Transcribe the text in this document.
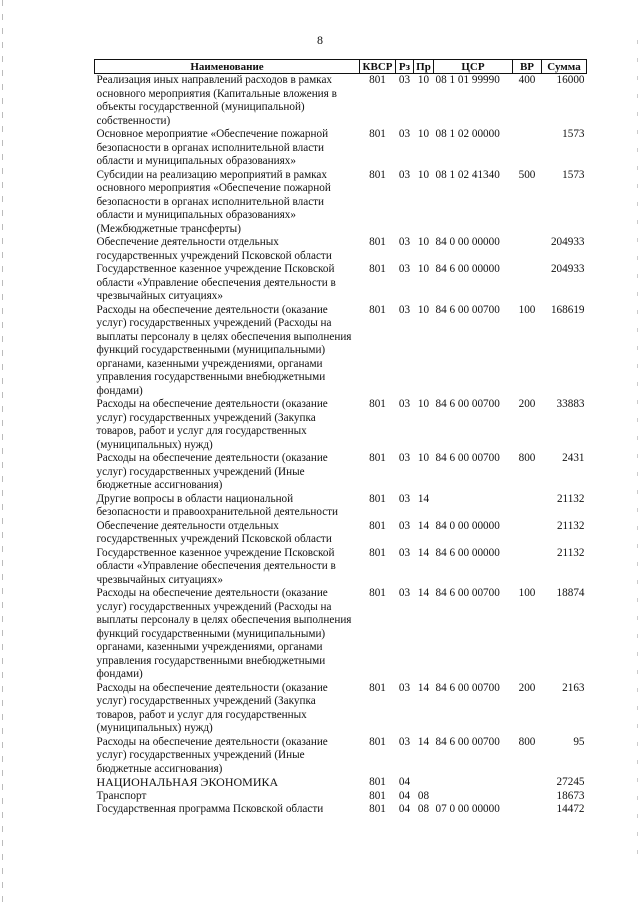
8
Наименование	КВСР	Рз	Пр	ЦСР	ВР	Сумма
Реализация иных направлений расходов в рамках основного мероприятия (Капитальные вложения в объекты государственной (муниципальной) собственности)	801	03	10	08 1 01 99990	400	16000
Основное мероприятие «Обеспечение пожарной безопасности в органах исполнительной власти области и муниципальных образованиях»	801	03	10	08 1 02 00000		1573
Субсидии на реализацию мероприятий в рамках основного мероприятия «Обеспечение пожарной безопасности в органах исполнительной власти области и муниципальных образованиях» (Межбюджетные трансферты)	801	03	10	08 1 02 41340	500	1573
Обеспечение деятельности отдельных государственных учреждений Псковской области	801	03	10	84 0 00 00000		204933
Государственное казенное учреждение Псковской области «Управление обеспечения деятельности в чрезвычайных ситуациях»	801	03	10	84 6 00 00000		204933
Расходы на обеспечение деятельности (оказание услуг) государственных учреждений (Расходы на выплаты персоналу в целях обеспечения выполнения функций государственными (муниципальными) органами, казенными учреждениями, органами управления государственными внебюджетными фондами)	801	03	10	84 6 00 00700	100	168619
Расходы на обеспечение деятельности (оказание услуг) государственных учреждений (Закупка товаров, работ и услуг для государственных (муниципальных) нужд)	801	03	10	84 6 00 00700	200	33883
Расходы на обеспечение деятельности (оказание услуг) государственных учреждений (Иные бюджетные ассигнования)	801	03	10	84 6 00 00700	800	2431
Другие вопросы в области национальной безопасности и правоохранительной деятельности	801	03	14			21132
Обеспечение деятельности отдельных государственных учреждений Псковской области	801	03	14	84 0 00 00000		21132
Государственное казенное учреждение Псковской области «Управление обеспечения деятельности в чрезвычайных ситуациях»	801	03	14	84 6 00 00000		21132
Расходы на обеспечение деятельности (оказание услуг) государственных учреждений (Расходы на выплаты персоналу в целях обеспечения выполнения функций государственными (муниципальными) органами, казенными учреждениями, органами управления государственными внебюджетными фондами)	801	03	14	84 6 00 00700	100	18874
Расходы на обеспечение деятельности (оказание услуг) государственных учреждений (Закупка товаров, работ и услуг для государственных (муниципальных) нужд)	801	03	14	84 6 00 00700	200	2163
Расходы на обеспечение деятельности (оказание услуг) государственных учреждений (Иные бюджетные ассигнования)	801	03	14	84 6 00 00700	800	95
НАЦИОНАЛЬНАЯ ЭКОНОМИКА	801	04				27245
Транспорт	801	04	08			18673
Государственная программа Псковской области	801	04	08	07 0 00 00000		14472
